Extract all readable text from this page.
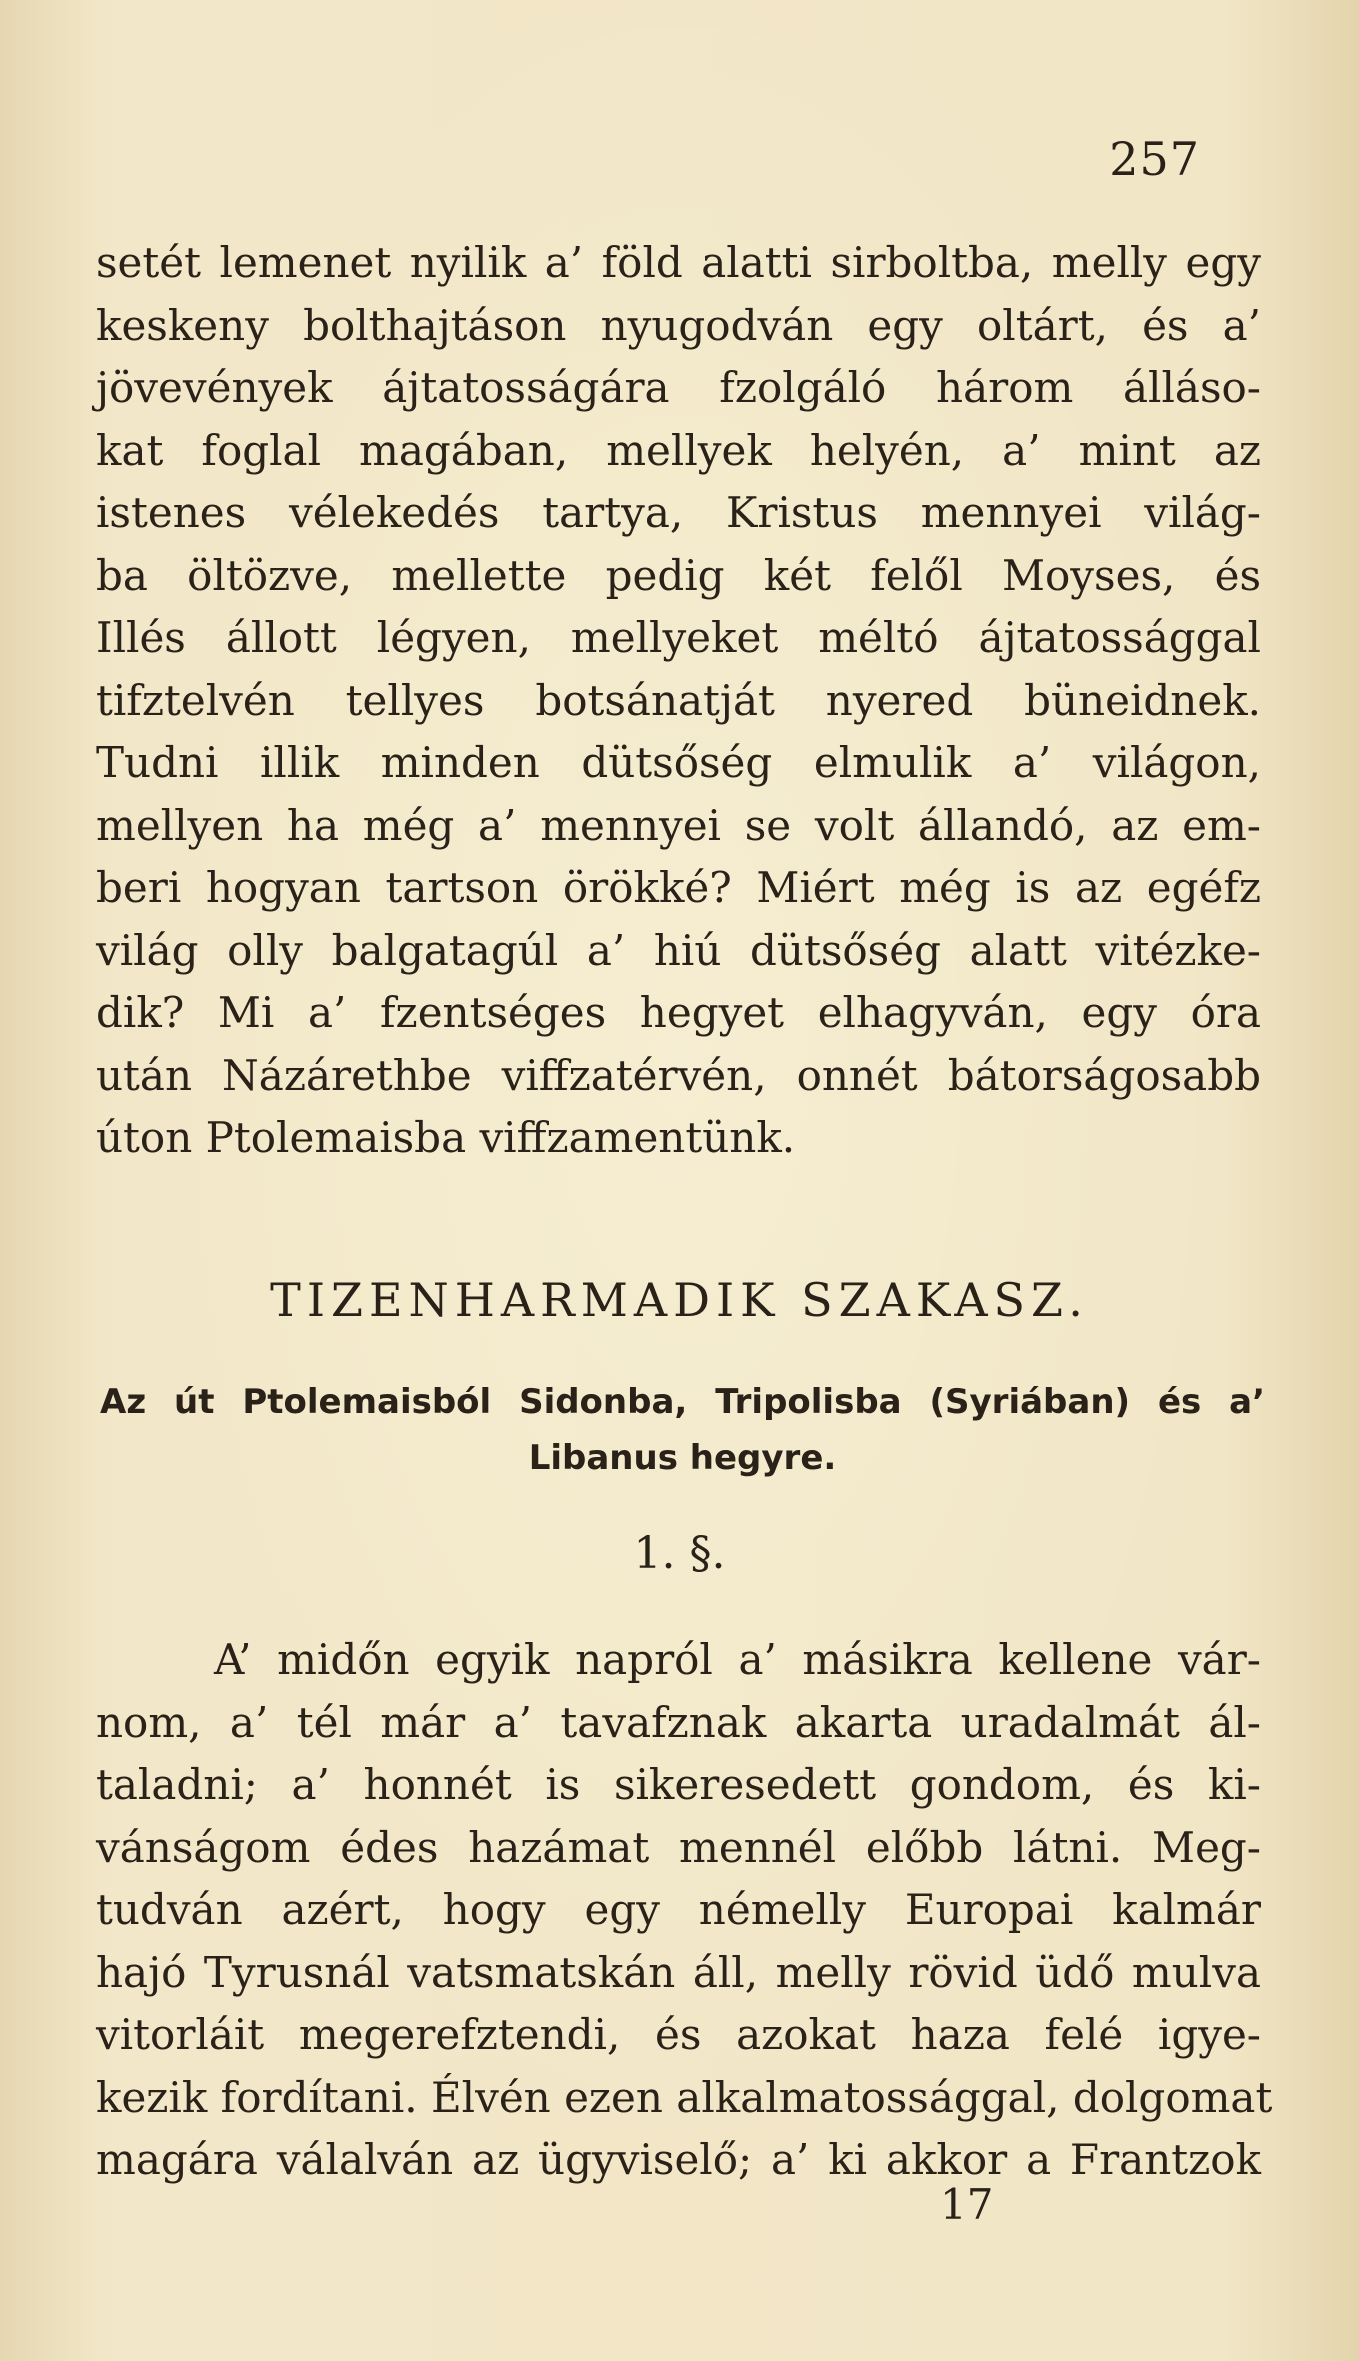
257
setét lemenet nyilik a’ föld alatti sirboltba, melly egy
keskeny bolthajtáson nyugodván egy oltárt, és a’
jövevények ájtatosságára fzolgáló három álláso-
kat foglal magában, mellyek helyén, a’ mint az
istenes vélekedés tartya, Kristus mennyei világ-
ba öltözve, mellette pedig két felől Moyses, és
Illés állott légyen, mellyeket méltó ájtatossággal
tifztelvén tellyes botsánatját nyered büneidnek.
Tudni illik minden dütsőség elmulik a’ világon,
mellyen ha még a’ mennyei se volt állandó, az em-
beri hogyan tartson örökké? Miért még is az egéfz
világ olly balgatagúl a’ hiú dütsőség alatt vitézke-
dik? Mi a’ fzentséges hegyet elhagyván, egy óra
után Názárethbe viffzatérvén, onnét bátorságosabb
úton Ptolemaisba viffzamentünk.
TIZENHARMADIK SZAKASZ.
Az út Ptolemaisból Sidonba, Tripolisba (Syriában) és a’
Libanus hegyre.
1. §.
A’ midőn egyik napról a’ másikra kellene vár-
nom, a’ tél már a’ tavafznak akarta uradalmát ál-
taladni; a’ honnét is sikeresedett gondom, és ki-
vánságom édes hazámat mennél előbb látni. Meg-
tudván azért, hogy egy némelly Europai kalmár
hajó Tyrusnál vatsmatskán áll, melly rövid üdő mulva
vitorláit megerefztendi, és azokat haza felé igye-
kezik fordítani. Élvén ezen alkalmatossággal, dolgomat
magára válalván az ügyviselő; a’ ki akkor a Frantzok
17
